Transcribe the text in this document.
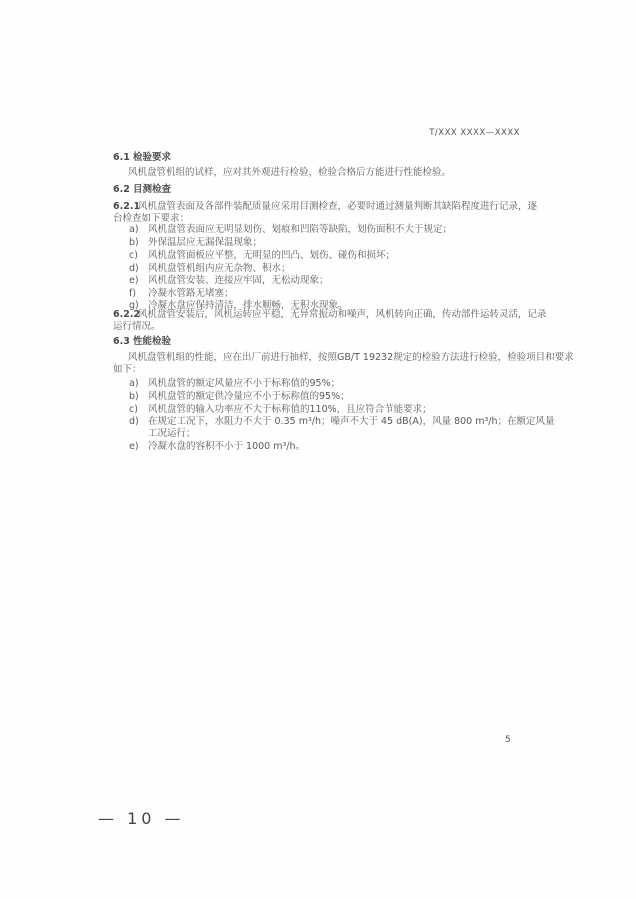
T/XXX XXXX—XXXX
6.1 检验要求
风机盘管机组的试样，应对其外观进行检验，检验合格后方能进行性能检验。
6.2 目测检查
6.2.1
风机盘管表面及各部件装配质量应采用目测检查，必要时通过测量判断其缺陷程度进行记录，逐
台检查如下要求：
a) 风机盘管表面应无明显划伤、划痕和凹陷等缺陷，划伤面积不大于规定；
b) 外保温层应无漏保温现象；
c) 风机盘管面板应平整，无明显的凹凸、划伤、碰伤和损坏；
d) 风机盘管机组内应无杂物、积水；
e) 风机盘管安装、连接应牢固，无松动现象；
f) 冷凝水管路无堵塞；
g) 冷凝水盘应保持清洁，排水顺畅，无积水现象。
6.2.2
风机盘管安装后，风机运转应平稳，无异常振动和噪声，风机转向正确，传动部件运转灵活，记录
运行情况。
6.3 性能检验
风机盘管机组的性能，应在出厂前进行抽样，按照GB/T 19232规定的检验方法进行检验，检验项目和要求
如下：
a) 风机盘管的额定风量应不小于标称值的95%；
b) 风机盘管的额定供冷量应不小于标称值的95%；
c) 风机盘管的输入功率应不大于标称值的110%，且应符合节能要求；
d) 在规定工况下，水阻力不大于 0.35 m³/h；噪声不大于 45 dB(A)，风量 800 m³/h；在额定风量
工况运行；
e) 冷凝水盘的容积不小于 1000 m³/h。
5
— 10 —
